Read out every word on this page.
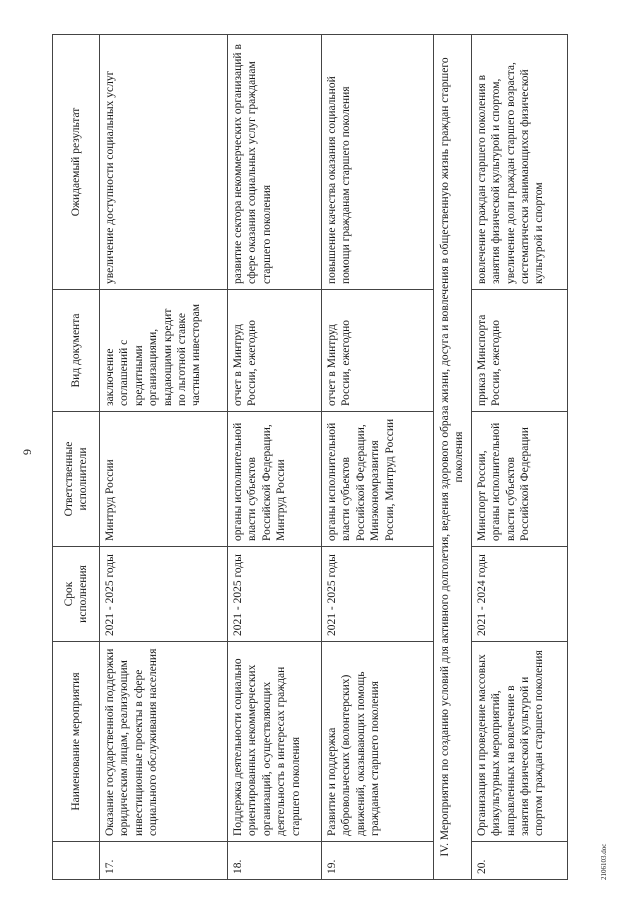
6
	Наименование мероприятия	Срок исполнения	Ответственные исполнители	Вид документа	Ожидаемый результат
17.	Оказание государственной поддержки юридическим лицам, реализующим инвестиционные проекты в сфере социального обслуживания населения	2021 - 2025 годы	Минтруд России	заключение соглашений с кредитными организациями, выдающими кредит по льготной ставке частным инвесторам	увеличение доступности социальных услуг
18.	Поддержка деятельности социально ориентированных некоммерческих организаций, осуществляющих деятельность в интересах граждан старшего поколения	2021 - 2025 годы	органы исполнительной власти субъектов Российской Федерации, Минтруд России	отчет в Минтруд России, ежегодно	развитие сектора некоммерческих организаций в сфере оказания социальных услуг гражданам старшего поколения
19.	Развитие и поддержка добровольческих (волонтерских) движений, оказывающих помощь гражданам старшего поколения	2021 - 2025 годы	органы исполнительной власти субъектов Российской Федерации, Минэкономразвития России, Минтруд России	отчет в Минтруд России, ежегодно	повышение качества оказания социальной помощи гражданам старшего поколения
IV. Мероприятия по созданию условий для активного долголетия, ведения здорового образа жизни, досуга и вовлечения в общественную жизнь граждан старшего поколения					
20.	Организация и проведение массовых физкультурных мероприятий, направленных на вовлечение в занятия физической культурой и спортом граждан старшего поколения	2021 - 2024 годы	Минспорт России, органы исполнительной власти субъектов Российской Федерации	приказ Минспорта России, ежегодно	вовлечение граждан старшего поколения в занятия физической культурой и спортом, увеличение доли граждан старшего возраста, систематически занимающихся физической культурой и спортом
2106103.doc
